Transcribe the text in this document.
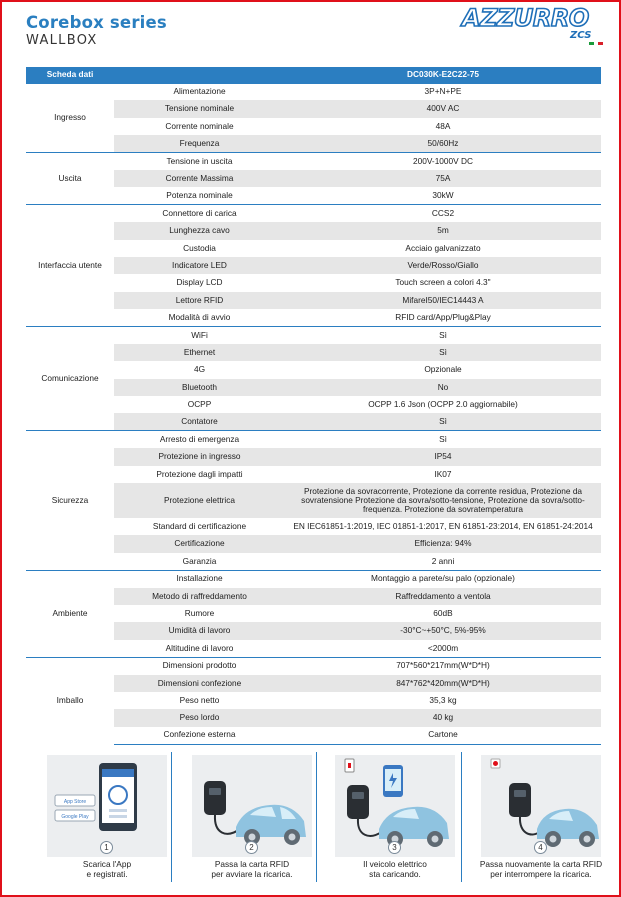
Corebox series
WALLBOX
AZZURRO
ZCS
Scheda dati		DC030K-E2C22-75
Ingresso	Alimentazione	3P+N+PE
	Tensione nominale	400V AC
	Corrente nominale	48A
	Frequenza	50/60Hz
Uscita	Tensione in uscita	200V-1000V DC
	Corrente Massima	75A
	Potenza nominale	30kW
Interfaccia utente	Connettore di carica	CCS2
	Lunghezza cavo	5m
	Custodia	Acciaio galvanizzato
	Indicatore LED	Verde/Rosso/Giallo
	Display LCD	Touch screen a colori 4.3"
	Lettore RFID	MifareI50/IEC14443 A
	Modalità di avvio	RFID card/App/Plug&Play
Comunicazione	WiFi	Sì
	Ethernet	Sì
	4G	Opzionale
	Bluetooth	No
	OCPP	OCPP 1.6 Json (OCPP 2.0 aggiornabile)
	Contatore	Sì
Sicurezza	Arresto di emergenza	Sì
	Protezione in ingresso	IP54
	Protezione dagli impatti	IK07
	Protezione elettrica	Protezione da sovracorrente, Protezione da corrente residua, Protezione da sovratensione Protezione da sovra/sotto-tensione, Protezione da sovra/sotto-frequenza. Protezione da sovratemperatura
	Standard di certificazione	EN IEC61851-1:2019, IEC 01851-1:2017, EN 61851-23:2014, EN 61851-24:2014
	Certificazione	Efficienza: 94%
	Garanzia	2 anni
Ambiente	Installazione	Montaggio a parete/su palo (opzionale)
	Metodo di raffreddamento	Raffreddamento a ventola
	Rumore	60dB
	Umidità di lavoro	-30°C~+50°C, 5%-95%
	Altitudine di lavoro	<2000m
Imballo	Dimensioni prodotto	707*560*217mm(W*D*H)
	Dimensioni confezione	847*762*420mm(W*D*H)
	Peso netto	35,3 kg
	Peso lordo	40 kg
	Confezione esterna	Cartone
App Store
Google Play
1
Scarica l'App
e registrati.
2
Passa la carta RFID
per avviare la ricarica.
3
Il veicolo elettrico
sta caricando.
4
Passa nuovamente la carta RFID
per interrompere la ricarica.
